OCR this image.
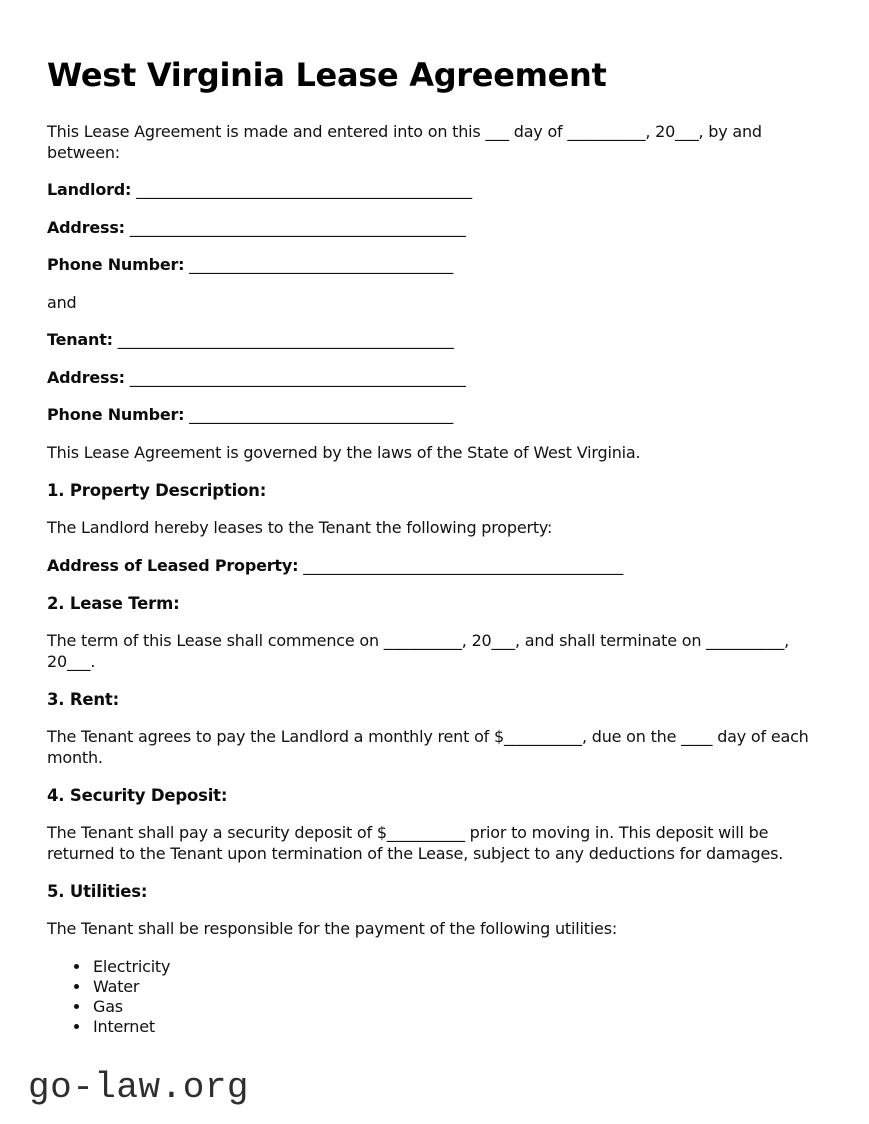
West Virginia Lease Agreement

This Lease Agreement is made and entered into on this ___ day of __________, 20___, by and between:

Landlord: __________________________________________

Address: __________________________________________

Phone Number: _________________________________

and

Tenant: __________________________________________

Address: __________________________________________

Phone Number: _________________________________

This Lease Agreement is governed by the laws of the State of West Virginia.

1. Property Description:

The Landlord hereby leases to the Tenant the following property:

Address of Leased Property: ________________________________________

2. Lease Term:

The term of this Lease shall commence on __________, 20___, and shall terminate on __________, 20___.

3. Rent:

The Tenant agrees to pay the Landlord a monthly rent of $__________, due on the ____ day of each month.

4. Security Deposit:

The Tenant shall pay a security deposit of $__________ prior to moving in. This deposit will be returned to the Tenant upon termination of the Lease, subject to any deductions for damages.

5. Utilities:

The Tenant shall be responsible for the payment of the following utilities:

• Electricity
• Water
• Gas
• Internet
go-law.org
